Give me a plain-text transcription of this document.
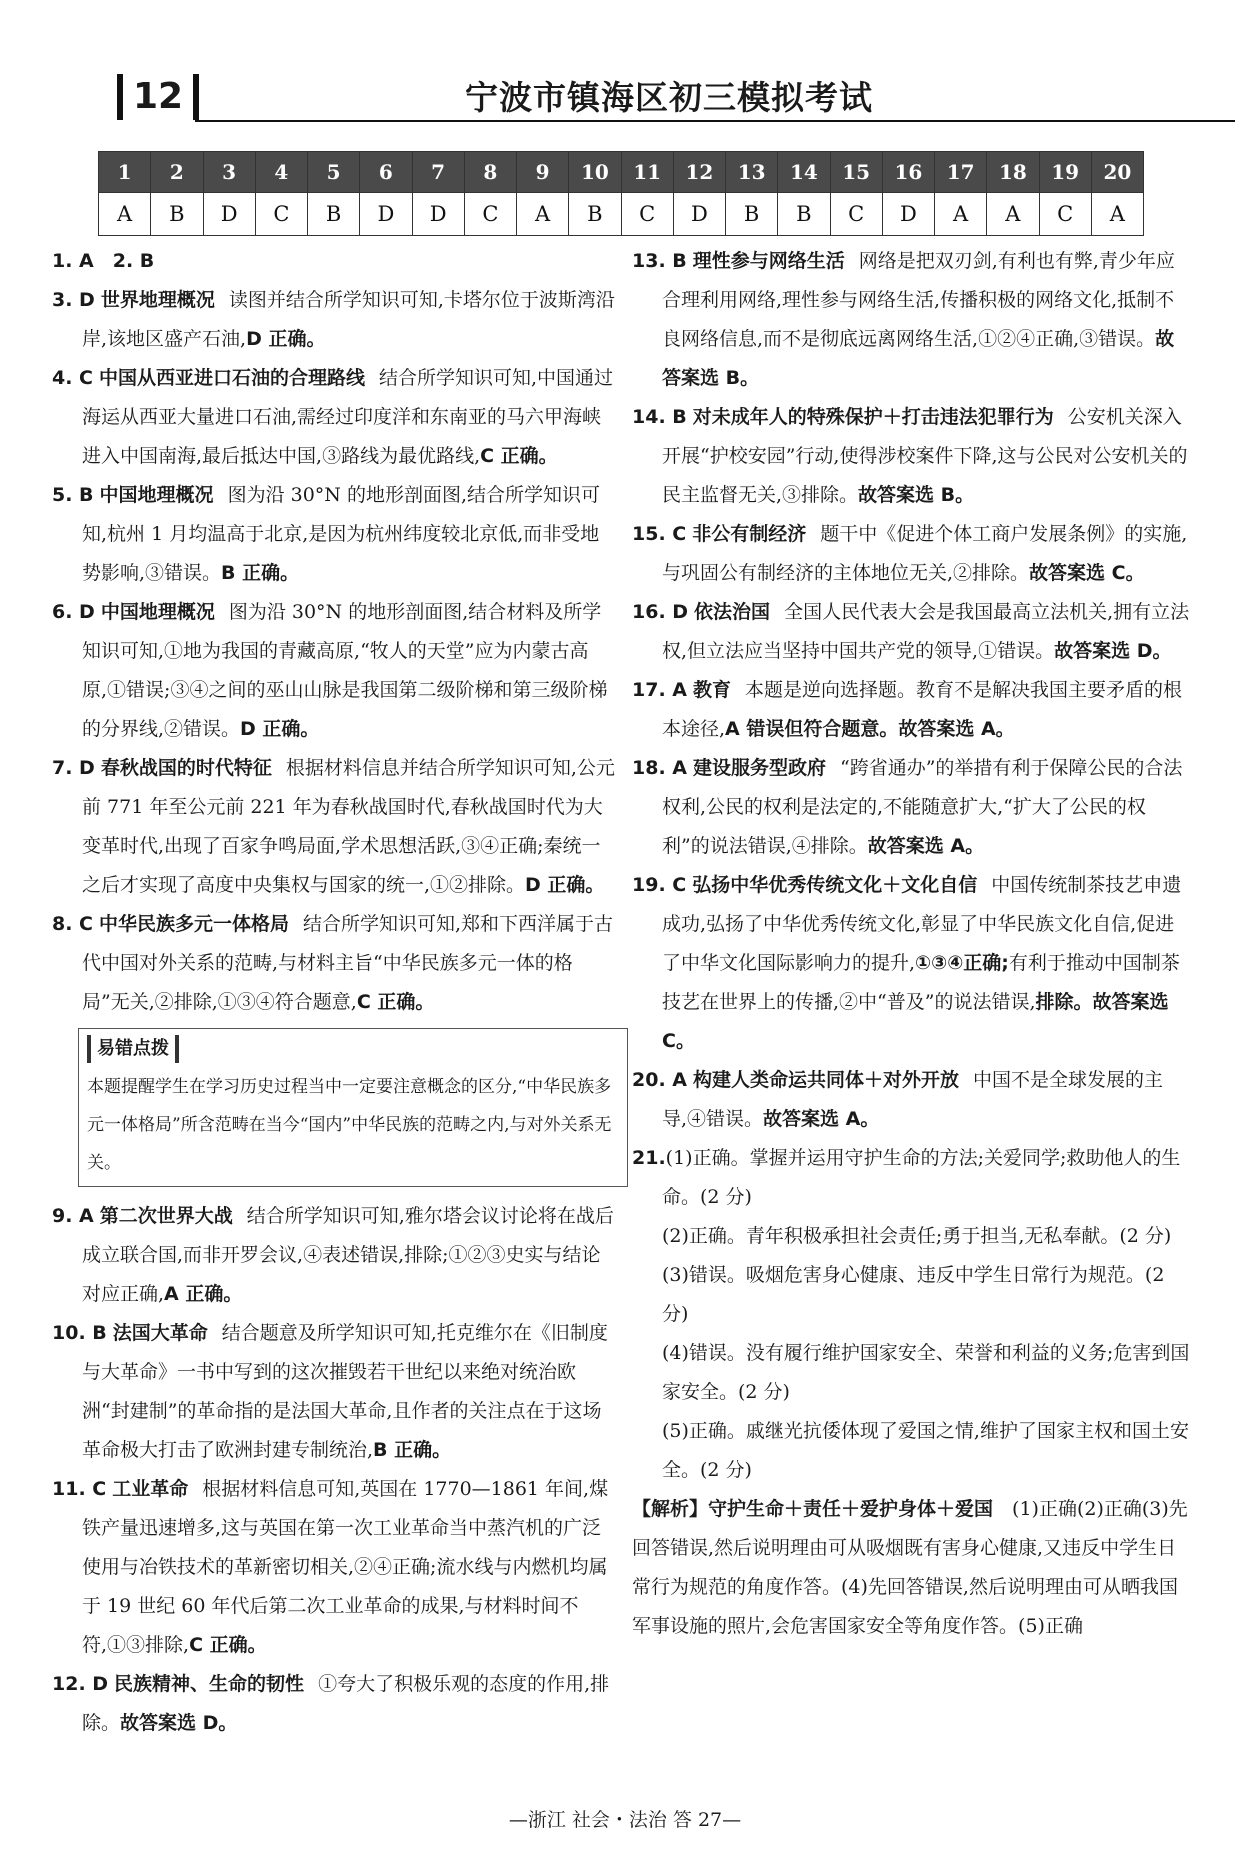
12	宁波市镇海区初三模拟考试
1	2	3	4	5	6	7	8	9	10	11	12	13	14	15	16	17	18	19	20
A	B	D	C	B	D	D	C	A	B	C	D	B	B	C	D	A	A	C	A

1. A　2. B

3. D 世界地理概况 读图并结合所学知识可知,卡塔尔位于波斯湾沿岸,该地区盛产石油,D 正确。

4. C 中国从西亚进口石油的合理路线 结合所学知识可知,中国通过海运从西亚大量进口石油,需经过印度洋和东南亚的马六甲海峡进入中国南海,最后抵达中国,③路线为最优路线,C 正确。

5. B 中国地理概况 图为沿 30°N 的地形剖面图,结合所学知识可知,杭州 1 月均温高于北京,是因为杭州纬度较北京低,而非受地势影响,③错误。B 正确。

6. D 中国地理概况 图为沿 30°N 的地形剖面图,结合材料及所学知识可知,①地为我国的青藏高原,“牧人的天堂”应为内蒙古高原,①错误;③④之间的巫山山脉是我国第二级阶梯和第三级阶梯的分界线,②错误。D 正确。

7. D 春秋战国的时代特征 根据材料信息并结合所学知识可知,公元前 771 年至公元前 221 年为春秋战国时代,春秋战国时代为大变革时代,出现了百家争鸣局面,学术思想活跃,③④正确;秦统一之后才实现了高度中央集权与国家的统一,①②排除。D 正确。

8. C 中华民族多元一体格局 结合所学知识可知,郑和下西洋属于古代中国对外关系的范畴,与材料主旨“中华民族多元一体的格局”无关,②排除,①③④符合题意,C 正确。

易错点拨
本题提醒学生在学习历史过程当中一定要注意概念的区分,“中华民族多元一体格局”所含范畴在当今“国内”中华民族的范畴之内,与对外关系无关。

9. A 第二次世界大战 结合所学知识可知,雅尔塔会议讨论将在战后成立联合国,而非开罗会议,④表述错误,排除;①②③史实与结论对应正确,A 正确。

10. B 法国大革命 结合题意及所学知识可知,托克维尔在《旧制度与大革命》一书中写到的这次摧毁若干世纪以来绝对统治欧洲“封建制”的革命指的是法国大革命,且作者的关注点在于这场革命极大打击了欧洲封建专制统治,B 正确。

11. C 工业革命 根据材料信息可知,英国在 1770—1861 年间,煤铁产量迅速增多,这与英国在第一次工业革命当中蒸汽机的广泛使用与冶铁技术的革新密切相关,②④正确;流水线与内燃机均属于 19 世纪 60 年代后第二次工业革命的成果,与材料时间不符,①③排除,C 正确。

12. D 民族精神、生命的韧性 ①夸大了积极乐观的态度的作用,排除。故答案选 D。

13. B 理性参与网络生活 网络是把双刃剑,有利也有弊,青少年应合理利用网络,理性参与网络生活,传播积极的网络文化,抵制不良网络信息,而不是彻底远离网络生活,①②④正确,③错误。故答案选 B。

14. B 对未成年人的特殊保护＋打击违法犯罪行为 公安机关深入开展“护校安园”行动,使得涉校案件下降,这与公民对公安机关的民主监督无关,③排除。故答案选 B。

15. C 非公有制经济 题干中《促进个体工商户发展条例》的实施,与巩固公有制经济的主体地位无关,②排除。故答案选 C。

16. D 依法治国 全国人民代表大会是我国最高立法机关,拥有立法权,但立法应当坚持中国共产党的领导,①错误。故答案选 D。

17. A 教育 本题是逆向选择题。教育不是解决我国主要矛盾的根本途径,A 错误但符合题意。故答案选 A。

18. A 建设服务型政府 “跨省通办”的举措有利于保障公民的合法权利,公民的权利是法定的,不能随意扩大,“扩大了公民的权利”的说法错误,④排除。故答案选 A。

19. C 弘扬中华优秀传统文化＋文化自信 中国传统制茶技艺申遗成功,弘扬了中华优秀传统文化,彰显了中华民族文化自信,促进了中华文化国际影响力的提升,①③④正确;有利于推动中国制茶技艺在世界上的传播,②中“普及”的说法错误,排除。故答案选 C。

20. A 构建人类命运共同体＋对外开放 中国不是全球发展的主导,④错误。故答案选 A。

21.(1)正确。掌握并运用守护生命的方法;关爱同学;救助他人的生命。(2 分)

(2)正确。青年积极承担社会责任;勇于担当,无私奉献。(2 分)

(3)错误。吸烟危害身心健康、违反中学生日常行为规范。(2 分)

(4)错误。没有履行维护国家安全、荣誉和利益的义务;危害到国家安全。(2 分)

(5)正确。戚继光抗倭体现了爱国之情,维护了国家主权和国土安全。(2 分)

【解析】守护生命＋责任＋爱护身体＋爱国　 (1)正确(2)正确(3)先回答错误,然后说明理由可从吸烟既有害身心健康,又违反中学生日常行为规范的角度作答。(4)先回答错误,然后说明理由可从晒我国军事设施的照片,会危害国家安全等角度作答。(5)正确

—浙江 社会・法治 答 27—
